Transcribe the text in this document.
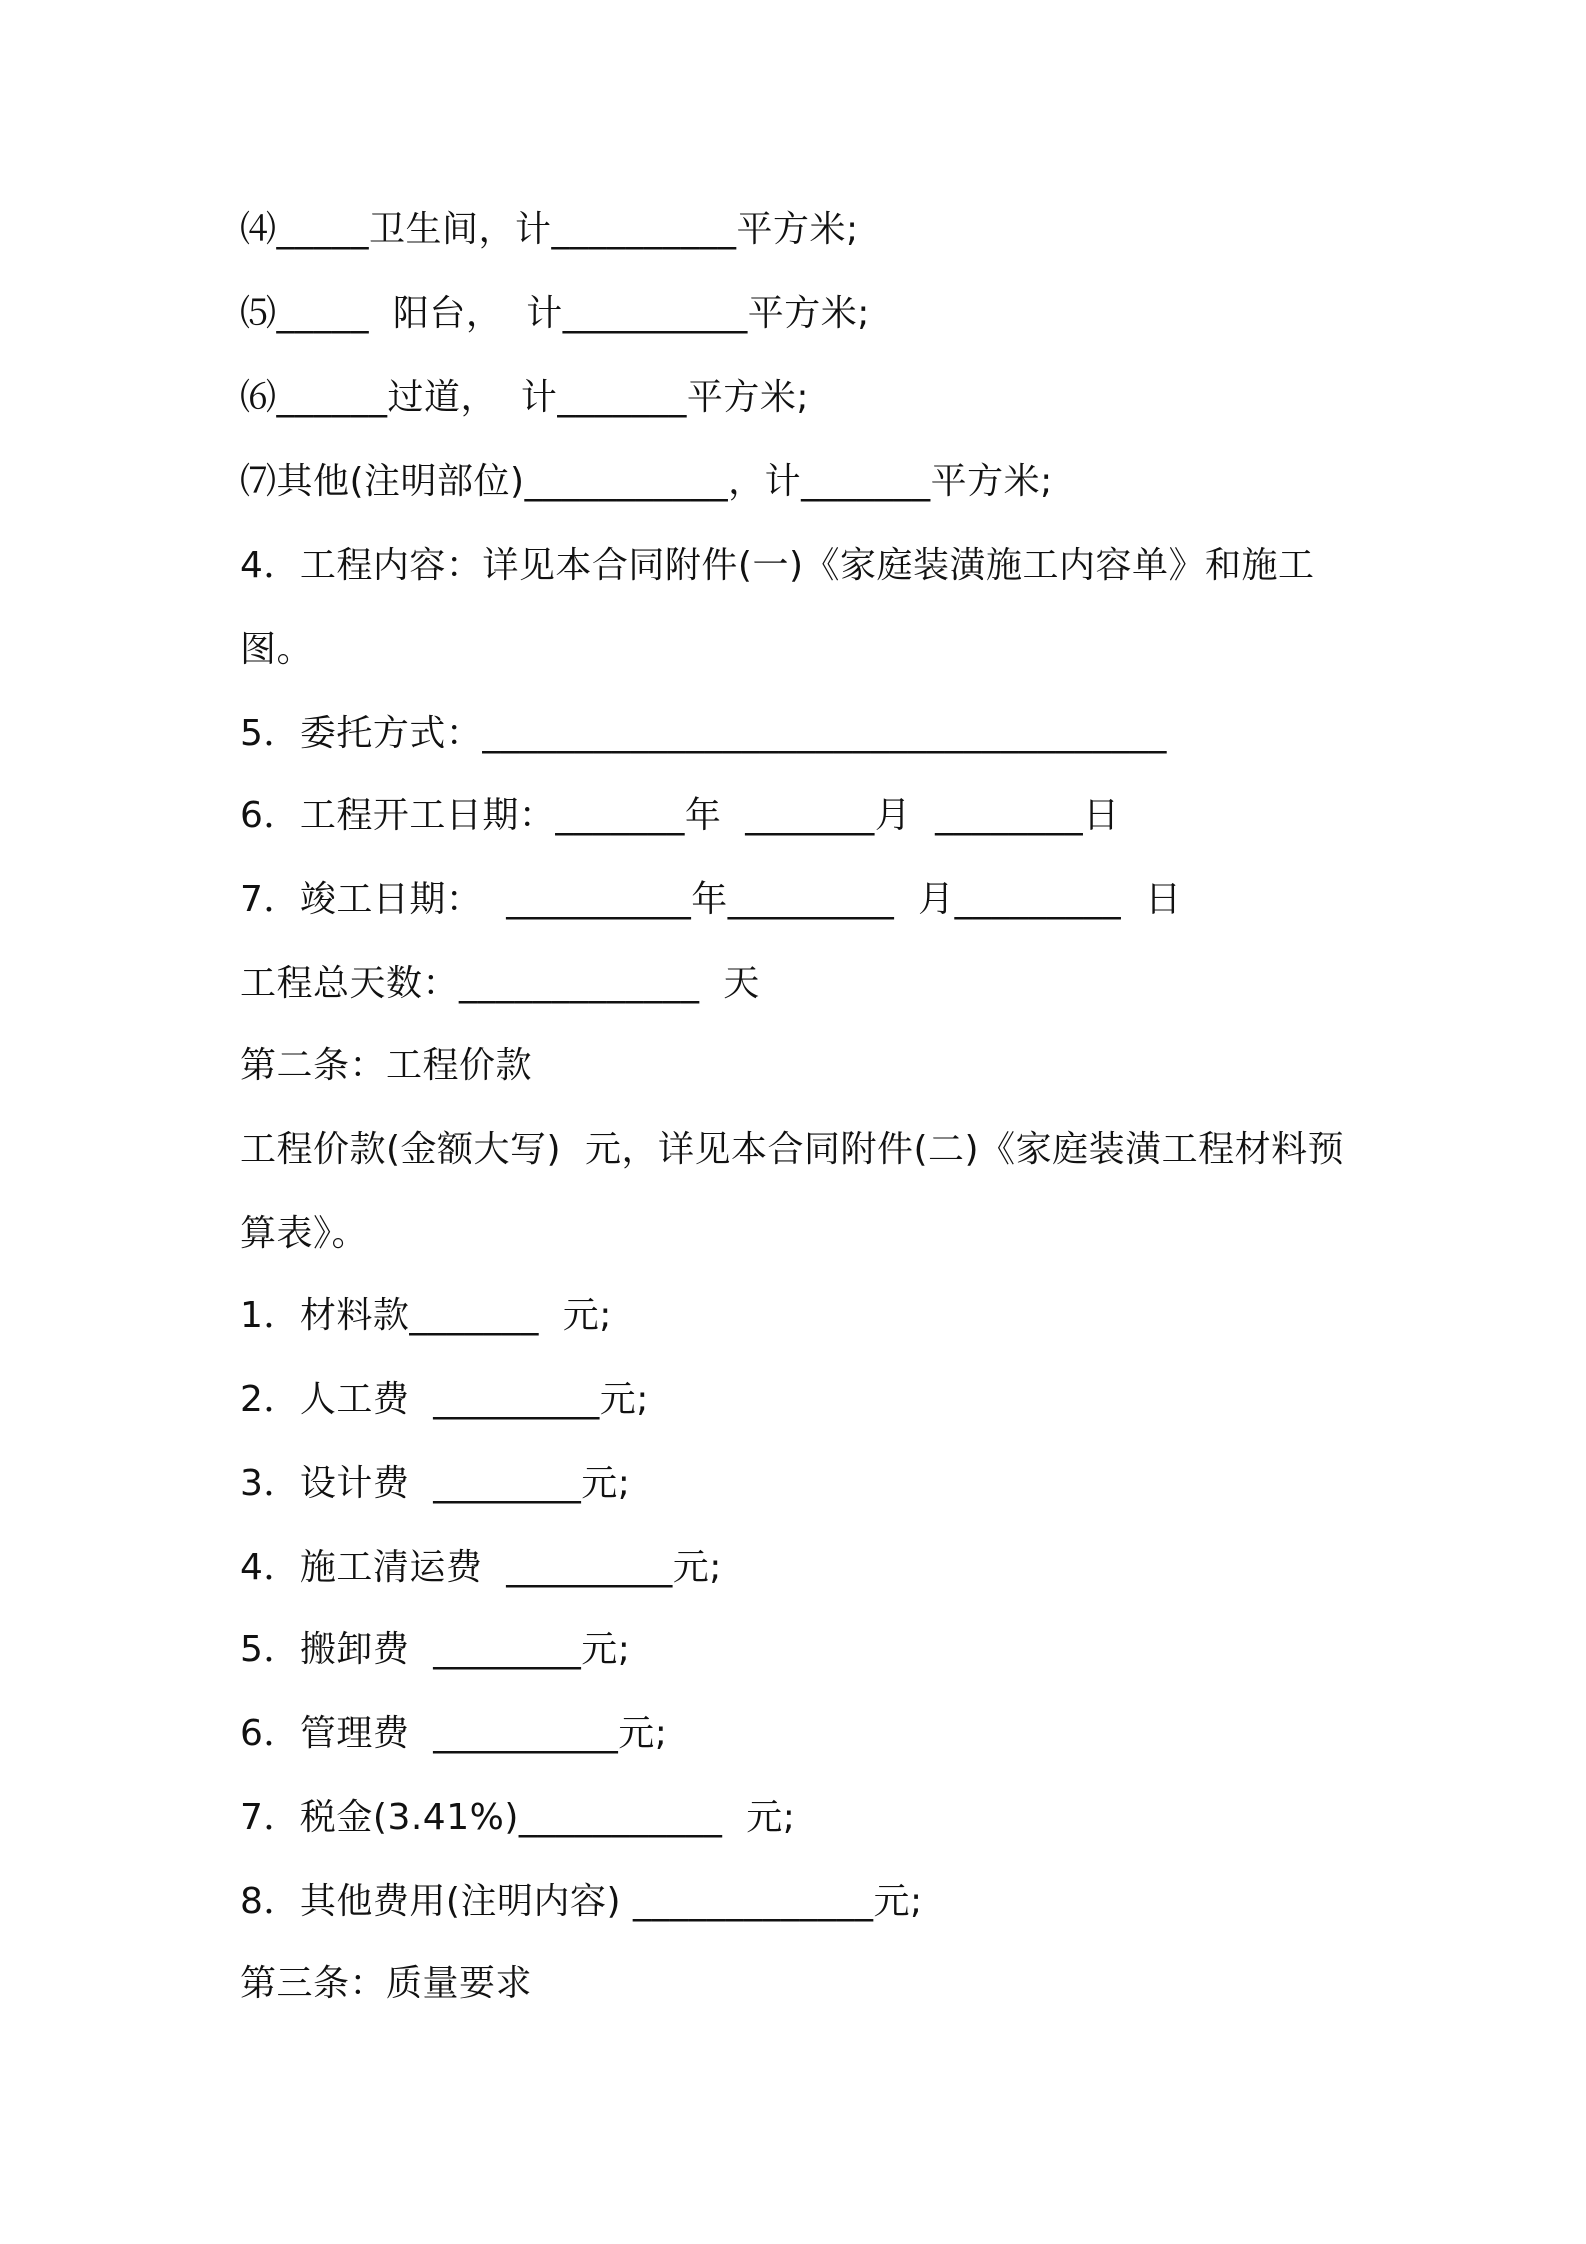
⑷_____卫生间，计__________平方米;
⑸_____  阳台，  计__________平方米;
⑹______过道，  计_______平方米;
⑺其他(注明部位)___________，计_______平方米;
4．工程内容：详见本合同附件(一)《家庭装潢施工内容单》和施工
图。
5．委托方式：_____________________________________
6．工程开工日期：_______年  _______月  ________日
7．竣工日期：  __________年_________  月_________  日
工程总天数：_____________  天
第二条：工程价款
工程价款(金额大写)  元，详见本合同附件(二)《家庭装潢工程材料预
算表》。
1．材料款_______  元;
2．人工费  _________元;
3．设计费  ________元;
4．施工清运费  _________元;
5．搬卸费  ________元;
6．管理费  __________元;
7．税金(3.41%)___________  元;
8．其他费用(注明内容) _____________元;
第三条：质量要求
